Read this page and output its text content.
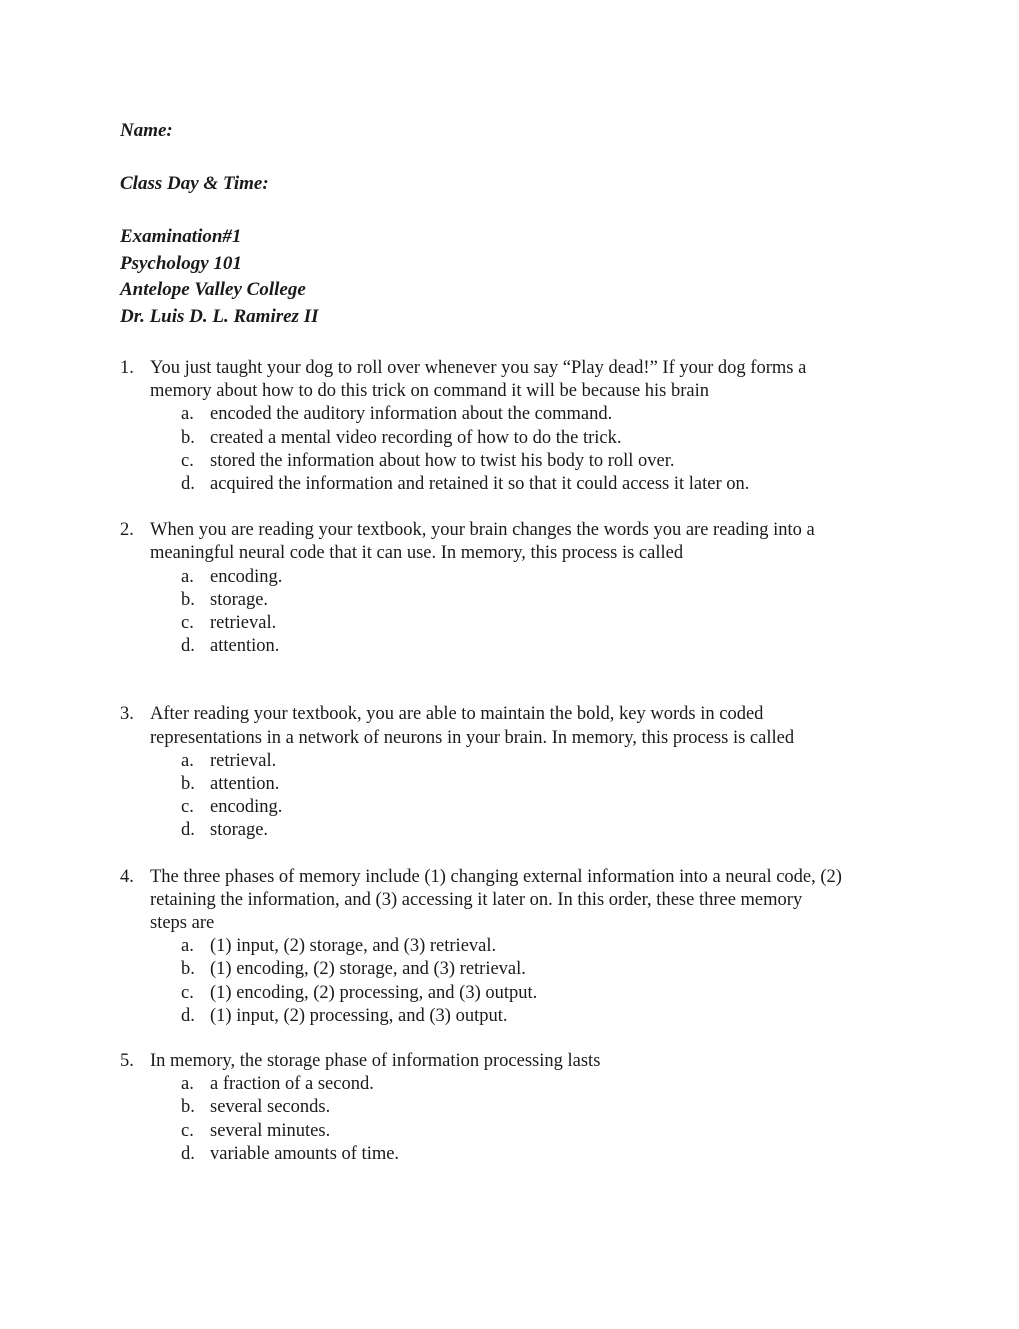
Name:
Class Day & Time:
Examination#1
Psychology 101
Antelope Valley College
Dr. Luis D. L. Ramirez II
1. You just taught your dog to roll over whenever you say “Play dead!” If your dog forms a
memory about how to do this trick on command it will be because his brain
a. encoded the auditory information about the command.
b. created a mental video recording of how to do the trick.
c. stored the information about how to twist his body to roll over.
d. acquired the information and retained it so that it could access it later on.
2. When you are reading your textbook, your brain changes the words you are reading into a
meaningful neural code that it can use. In memory, this process is called
a. encoding.
b. storage.
c. retrieval.
d. attention.
3. After reading your textbook, you are able to maintain the bold, key words in coded
representations in a network of neurons in your brain. In memory, this process is called
a. retrieval.
b. attention.
c. encoding.
d. storage.
4. The three phases of memory include (1) changing external information into a neural code, (2)
retaining the information, and (3) accessing it later on. In this order, these three memory
steps are
a. (1) input, (2) storage, and (3) retrieval.
b. (1) encoding, (2) storage, and (3) retrieval.
c. (1) encoding, (2) processing, and (3) output.
d. (1) input, (2) processing, and (3) output.
5. In memory, the storage phase of information processing lasts
a. a fraction of a second.
b. several seconds.
c. several minutes.
d. variable amounts of time.
